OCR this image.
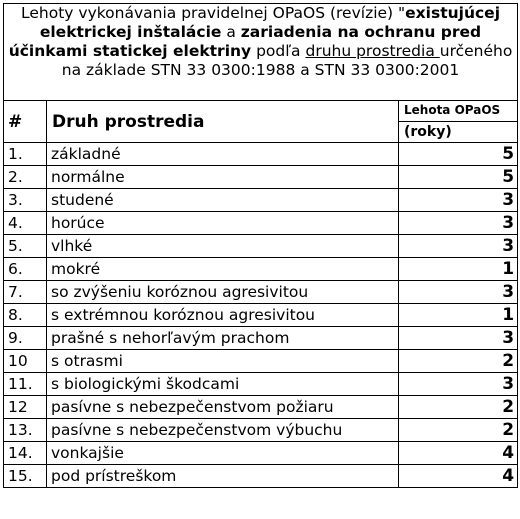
Lehoty vykonávania pravidelnej OPaOS (revízie) "existujúcej elektrickej inštalácie a zariadenia na ochranu pred účinkami statickej elektriny podľa druhu prostredia určeného na základe STN 33 0300:1988 a STN 33 0300:2001		
#	Druh prostredia	Lehota OPaOS
		(roky)
1.	základné	5
2.	normálne	5
3.	studené	3
4.	horúce	3
5.	vlhké	3
6.	mokré	1
7.	so zvýšeniu koróznou agresivitou	3
8.	s extrémnou koróznou agresivitou	1
9.	prašné s nehorľavým prachom	3
10	s otrasmi	2
11.	s biologickými škodcami	3
12	pasívne s nebezpečenstvom požiaru	2
13.	pasívne s nebezpečenstvom výbuchu	2
14.	vonkajšie	4
15.	pod prístreškom	4
